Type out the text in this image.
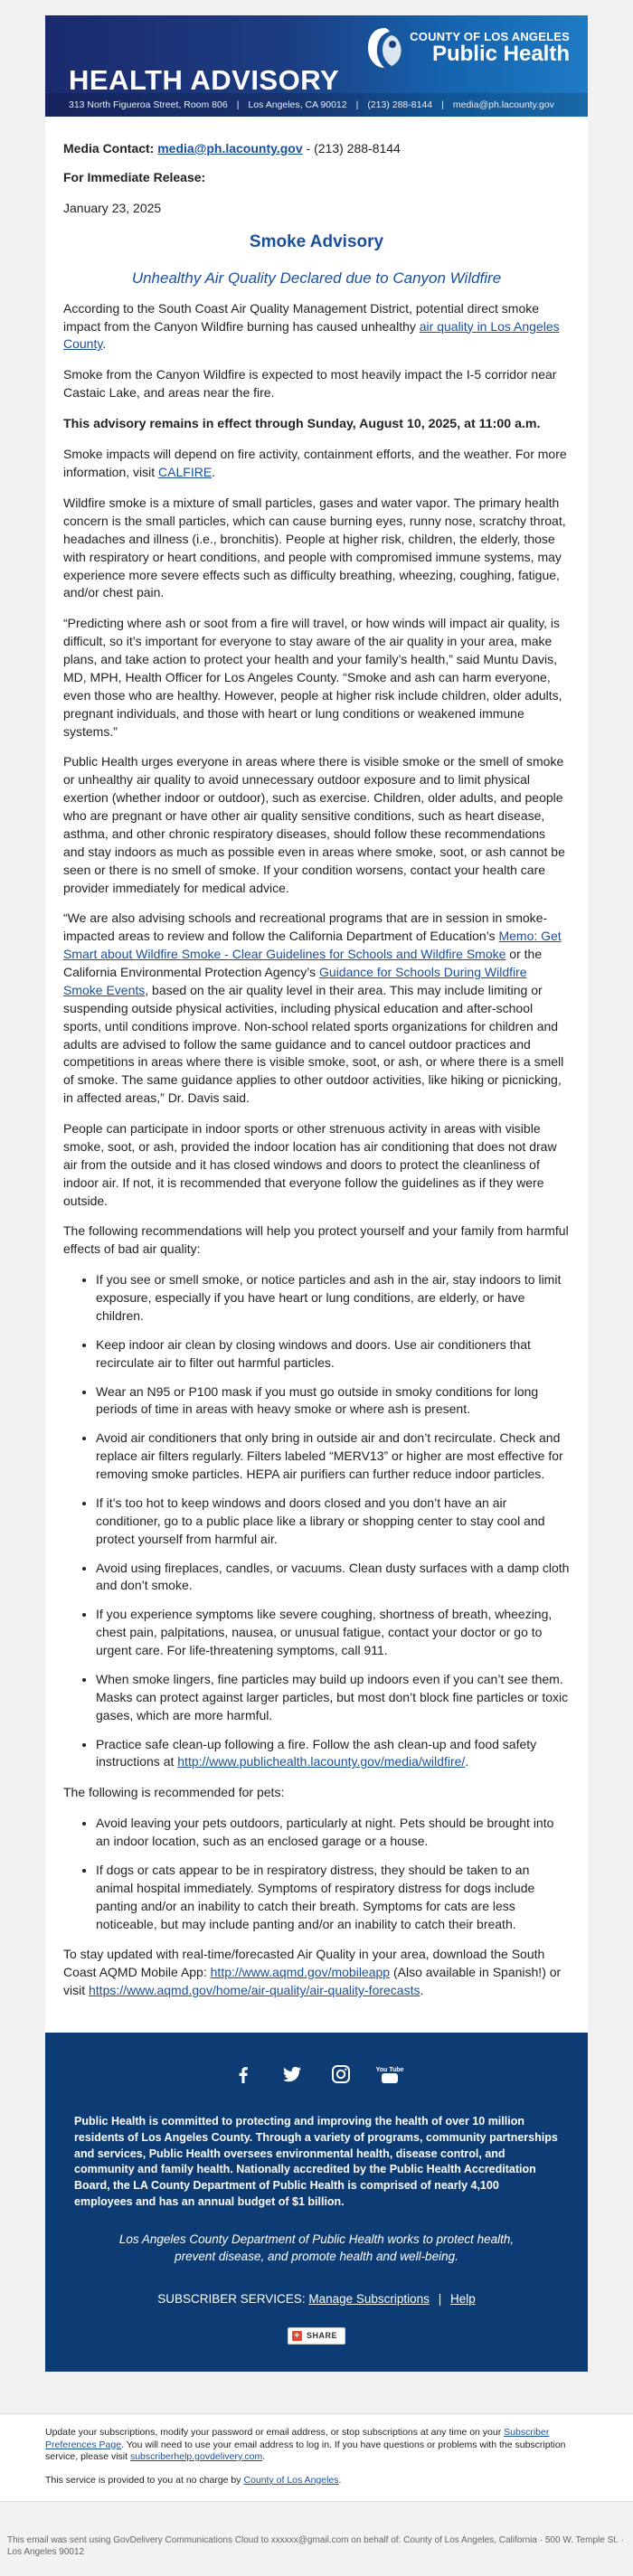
COUNTY OF LOS ANGELES
Public Health
HEALTH ADVISORY
313 North Figueroa Street, Room 806 | Los Angeles, CA 90012 | (213) 288-8144 | media@ph.lacounty.gov
Media Contact: media@ph.lacounty.gov - (213) 288-8144

For Immediate Release:

January 23, 2025

Smoke Advisory
Unhealthy Air Quality Declared due to Canyon Wildfire

According to the South Coast Air Quality Management District, potential direct smoke impact from the Canyon Wildfire burning has caused unhealthy air quality in Los Angeles County.

Smoke from the Canyon Wildfire is expected to most heavily impact the I-5 corridor near Castaic Lake, and areas near the fire.

This advisory remains in effect through Sunday, August 10, 2025, at 11:00 a.m.

Smoke impacts will depend on fire activity, containment efforts, and the weather. For more information, visit CALFIRE.

Wildfire smoke is a mixture of small particles, gases and water vapor. The primary health concern is the small particles, which can cause burning eyes, runny nose, scratchy throat, headaches and illness (i.e., bronchitis). People at higher risk, children, the elderly, those with respiratory or heart conditions, and people with compromised immune systems, may experience more severe effects such as difficulty breathing, wheezing, coughing, fatigue, and/or chest pain.

“Predicting where ash or soot from a fire will travel, or how winds will impact air quality, is difficult, so it’s important for everyone to stay aware of the air quality in your area, make plans, and take action to protect your health and your family’s health,” said Muntu Davis, MD, MPH, Health Officer for Los Angeles County. “Smoke and ash can harm everyone, even those who are healthy. However, people at higher risk include children, older adults, pregnant individuals, and those with heart or lung conditions or weakened immune systems.”

Public Health urges everyone in areas where there is visible smoke or the smell of smoke or unhealthy air quality to avoid unnecessary outdoor exposure and to limit physical exertion (whether indoor or outdoor), such as exercise. Children, older adults, and people who are pregnant or have other air quality sensitive conditions, such as heart disease, asthma, and other chronic respiratory diseases, should follow these recommendations and stay indoors as much as possible even in areas where smoke, soot, or ash cannot be seen or there is no smell of smoke. If your condition worsens, contact your health care provider immediately for medical advice.

“We are also advising schools and recreational programs that are in session in smoke-impacted areas to review and follow the California Department of Education’s Memo: Get Smart about Wildfire Smoke - Clear Guidelines for Schools and Wildfire Smoke or the California Environmental Protection Agency’s Guidance for Schools During Wildfire Smoke Events, based on the air quality level in their area. This may include limiting or suspending outside physical activities, including physical education and after-school sports, until conditions improve. Non-school related sports organizations for children and adults are advised to follow the same guidance and to cancel outdoor practices and competitions in areas where there is visible smoke, soot, or ash, or where there is a smell of smoke. The same guidance applies to other outdoor activities, like hiking or picnicking, in affected areas,” Dr. Davis said.

People can participate in indoor sports or other strenuous activity in areas with visible smoke, soot, or ash, provided the indoor location has air conditioning that does not draw air from the outside and it has closed windows and doors to protect the cleanliness of indoor air. If not, it is recommended that everyone follow the guidelines as if they were outside.

The following recommendations will help you protect yourself and your family from harmful effects of bad air quality:

• If you see or smell smoke, or notice particles and ash in the air, stay indoors to limit exposure, especially if you have heart or lung conditions, are elderly, or have children.
• Keep indoor air clean by closing windows and doors. Use air conditioners that recirculate air to filter out harmful particles.
• Wear an N95 or P100 mask if you must go outside in smoky conditions for long periods of time in areas with heavy smoke or where ash is present.
• Avoid air conditioners that only bring in outside air and don’t recirculate. Check and replace air filters regularly. Filters labeled “MERV13” or higher are most effective for removing smoke particles. HEPA air purifiers can further reduce indoor particles.
• If it’s too hot to keep windows and doors closed and you don’t have an air conditioner, go to a public place like a library or shopping center to stay cool and protect yourself from harmful air.
• Avoid using fireplaces, candles, or vacuums. Clean dusty surfaces with a damp cloth and don’t smoke.
• If you experience symptoms like severe coughing, shortness of breath, wheezing, chest pain, palpitations, nausea, or unusual fatigue, contact your doctor or go to urgent care. For life-threatening symptoms, call 911.
• When smoke lingers, fine particles may build up indoors even if you can’t see them. Masks can protect against larger particles, but most don’t block fine particles or toxic gases, which are more harmful.
• Practice safe clean-up following a fire. Follow the ash clean-up and food safety instructions at http://www.publichealth.lacounty.gov/media/wildfire/.

The following is recommended for pets:

• Avoid leaving your pets outdoors, particularly at night. Pets should be brought into an indoor location, such as an enclosed garage or a house.
• If dogs or cats appear to be in respiratory distress, they should be taken to an animal hospital immediately. Symptoms of respiratory distress for dogs include panting and/or an inability to catch their breath. Symptoms for cats are less noticeable, but may include panting and/or an inability to catch their breath.

To stay updated with real-time/forecasted Air Quality in your area, download the South Coast AQMD Mobile App: http://www.aqmd.gov/mobileapp (Also available in Spanish!) or visit https://www.aqmd.gov/home/air-quality/air-quality-forecasts.

You Tube

Public Health is committed to protecting and improving the health of over 10 million residents of Los Angeles County. Through a variety of programs, community partnerships and services, Public Health oversees environmental health, disease control, and community and family health. Nationally accredited by the Public Health Accreditation Board, the LA County Department of Public Health is comprised of nearly 4,100 employees and has an annual budget of $1 billion.

Los Angeles County Department of Public Health works to protect health,
prevent disease, and promote health and well-being.
SUBSCRIBER SERVICES: Manage Subscriptions | Help
+ SHARE

Update your subscriptions, modify your password or email address, or stop subscriptions at any time on your Subscriber Preferences Page. You will need to use your email address to log in. If you have questions or problems with the subscription service, please visit subscriberhelp.govdelivery.com.

This service is provided to you at no charge by County of Los Angeles.

This email was sent using GovDelivery Communications Cloud to xxxxxx@gmail.com on behalf of: County of Los Angeles, California · 500 W. Temple St. · Los Angeles 90012
